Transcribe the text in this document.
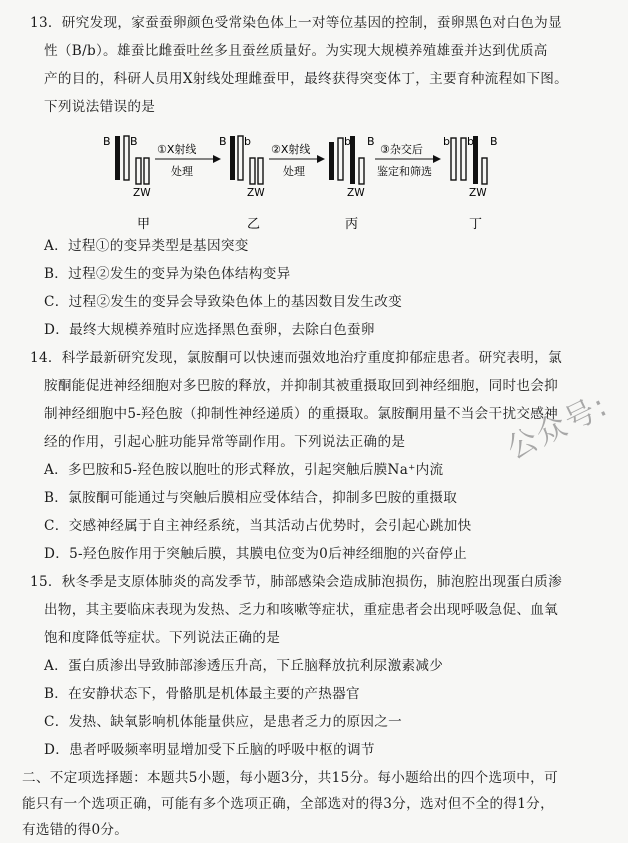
13．研究发现，家蚕蚕卵颜色受常染色体上一对等位基因的控制，蚕卵黑色对白色为显
性（B/b）。雄蚕比雌蚕吐丝多且蚕丝质量好。为实现大规模养殖雄蚕并达到优质高
产的目的，科研人员用X射线处理雌蚕甲，最终获得突变体丁，主要育种流程如下图。
下列说法错误的是
B B
ZW
甲
①X射线
处理
B b
ZW
乙
②X射线
处理
b B
ZW
丙
③杂交后
鉴定和筛选
b b B
ZW
丁
A．过程①的变异类型是基因突变
B．过程②发生的变异为染色体结构变异
C．过程②发生的变异会导致染色体上的基因数目发生改变
D．最终大规模养殖时应选择黑色蚕卵，去除白色蚕卵
14．科学最新研究发现，氯胺酮可以快速而强效地治疗重度抑郁症患者。研究表明，氯
胺酮能促进神经细胞对多巴胺的释放，并抑制其被重摄取回到神经细胞，同时也会抑
制神经细胞中5-羟色胺（抑制性神经递质）的重摄取。氯胺酮用量不当会干扰交感神
经的作用，引起心脏功能异常等副作用。下列说法正确的是
A．多巴胺和5-羟色胺以胞吐的形式释放，引起突触后膜Na⁺内流
B．氯胺酮可能通过与突触后膜相应受体结合，抑制多巴胺的重摄取
C．交感神经属于自主神经系统，当其活动占优势时，会引起心跳加快
D．5-羟色胺作用于突触后膜，其膜电位变为0后神经细胞的兴奋停止
15．秋冬季是支原体肺炎的高发季节，肺部感染会造成肺泡损伤，肺泡腔出现蛋白质渗
出物，其主要临床表现为发热、乏力和咳嗽等症状，重症患者会出现呼吸急促、血氧
饱和度降低等症状。下列说法正确的是
A．蛋白质渗出导致肺部渗透压升高，下丘脑释放抗利尿激素减少
B．在安静状态下，骨骼肌是机体最主要的产热器官
C．发热、缺氧影响机体能量供应，是患者乏力的原因之一
D．患者呼吸频率明显增加受下丘脑的呼吸中枢的调节
二、不定项选择题：本题共5小题，每小题3分，共15分。每小题给出的四个选项中，可
能只有一个选项正确，可能有多个选项正确，全部选对的得3分，选对但不全的得1分，
有选错的得0分。
公众号:
